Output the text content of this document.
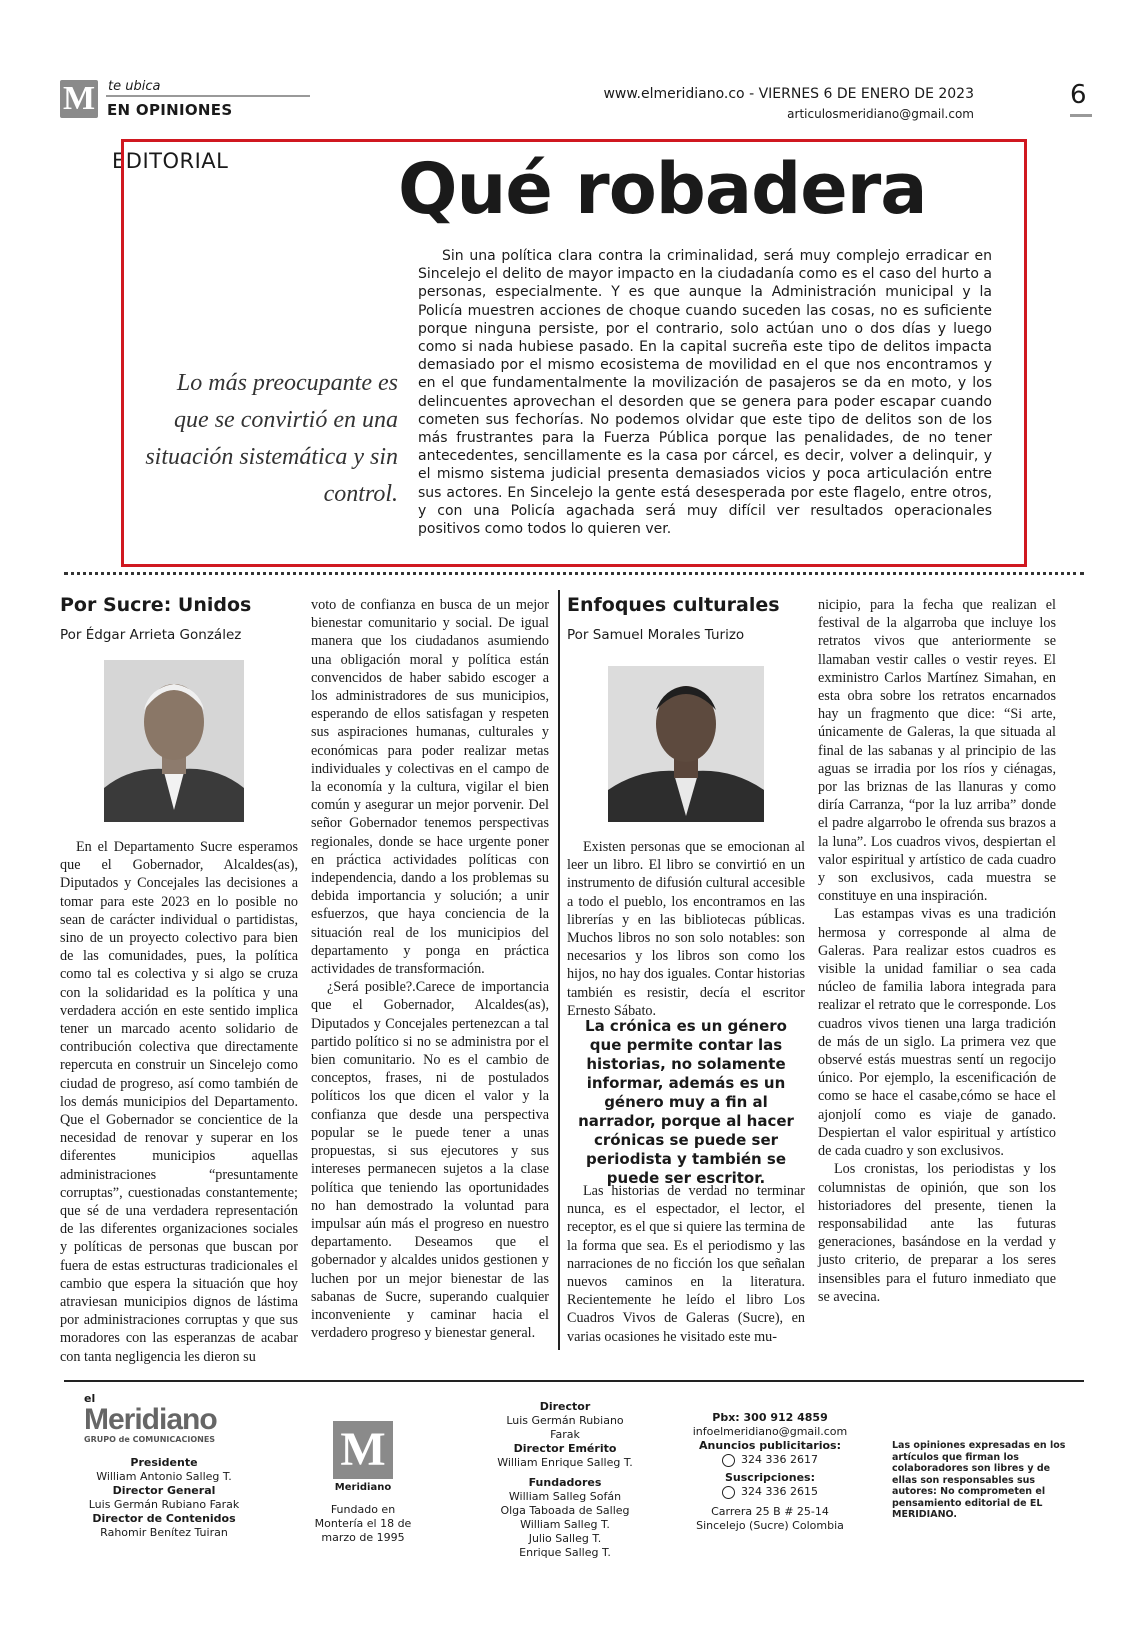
M te ubica
EN OPINIONES
www.elmeridiano.co - VIERNES 6 DE ENERO DE 2023
articulosmeridiano@gmail.com
6
EDITORIAL Qué robadera
Lo más preocupante es que se convirtió en una situación sistemática y sin control.
Sin una política clara contra la criminalidad, será muy complejo erradicar en Sincelejo el delito de mayor impacto en la ciudadanía como es el caso del hurto a personas, especialmente. Y es que aunque la Administración municipal y la Policía muestren acciones de choque cuando suceden las cosas, no es suficiente porque ninguna persiste, por el contrario, solo actúan uno o dos días y luego como si nada hubiese pasado. En la capital sucreña este tipo de delitos impacta demasiado por el mismo ecosistema de movilidad en el que nos encontramos y en el que fundamentalmente la movilización de pasajeros se da en moto, y los delincuentes aprovechan el desorden que se genera para poder escapar cuando cometen sus fechorías. No podemos olvidar que este tipo de delitos son de los más frustrantes para la Fuerza Pública porque las penalidades, de no tener antecedentes, sencillamente es la casa por cárcel, es decir, volver a delinquir, y el mismo sistema judicial presenta demasiados vicios y poca articulación entre sus actores. En Sincelejo la gente está desesperada por este flagelo, entre otros, y con una Policía agachada será muy difícil ver resultados operacionales positivos como todos lo quieren ver.
Por Sucre: Unidos
Por Édgar Arrieta González

En el Departamento Sucre esperamos que el Gobernador, Alcaldes(as), Diputados y Concejales las decisiones a tomar para este 2023 en lo posible no sean de carácter individual o partidistas, sino de un proyecto colectivo para bien de las comunidades, pues, la política como tal es colectiva y si algo se cruza con la solidaridad es la política y una verdadera acción en este sentido implica tener un marcado acento solidario de contribución colectiva que directamente repercuta en construir un Sincelejo como ciudad de progreso, así como también de los demás municipios del Departamento. Que el Gobernador se concientice de la necesidad de renovar y superar en los diferentes municipios aquellas administraciones “presuntamente corruptas”, cuestionadas constantemente; que sé de una verdadera representación de las diferentes organizaciones sociales y políticas de personas que buscan por fuera de estas estructuras tradicionales el cambio que espera la situación que hoy atraviesan municipios dignos de lástima por administraciones corruptas y que sus moradores con las esperanzas de acabar con tanta negligencia les dieron su

voto de confianza en busca de un mejor bienestar comunitario y social. De igual manera que los ciudadanos asumiendo una obligación moral y política están convencidos de haber sabido escoger a los administradores de sus municipios, esperando de ellos satisfagan y respeten sus aspiraciones humanas, culturales y económicas para poder realizar metas individuales y colectivas en el campo de la economía y la cultura, vigilar el bien común y asegurar un mejor porvenir. Del señor Gobernador tenemos perspectivas regionales, donde se hace urgente poner en práctica actividades políticas con independencia, dando a los problemas su debida importancia y solución; a unir esfuerzos, que haya conciencia de la situación real de los municipios del departamento y ponga en práctica actividades de transformación.

¿Será posible?.Carece de importancia que el Gobernador, Alcaldes(as), Diputados y Concejales pertenezcan a tal partido político si no se administra por el bien comunitario. No es el cambio de conceptos, frases, ni de postulados políticos los que dicen el valor y la confianza que desde una perspectiva popular se le puede tener a unas propuestas, si sus ejecutores y sus intereses permanecen sujetos a la clase política que teniendo las oportunidades no han demostrado la voluntad para impulsar aún más el progreso en nuestro departamento. Deseamos que el gobernador y alcaldes unidos gestionen y luchen por un mejor bienestar de las sabanas de Sucre, superando cualquier inconveniente y caminar hacia el verdadero progreso y bienestar general.

Enfoques culturales
Por Samuel Morales Turizo

Existen personas que se emocionan al leer un libro. El libro se convirtió en un instrumento de difusión cultural accesible a todo el pueblo, los encontramos en las librerías y en las bibliotecas públicas. Muchos libros no son solo notables: son necesarios y los libros son como los hijos, no hay dos iguales. Contar historias también es resistir, decía el escritor Ernesto Sábato.

La crónica es un género que permite contar las historias, no solamente informar, además es un género muy a fin al narrador, porque al hacer crónicas se puede ser periodista y también se puede ser escritor.

Las historias de verdad no terminar nunca, es el espectador, el lector, el receptor, es el que si quiere las termina de la forma que sea. Es el periodismo y las narraciones de no ficción los que señalan nuevos caminos en la literatura. Recientemente he leído el libro Los Cuadros Vivos de Galeras (Sucre), en varias ocasiones he visitado este mu-

nicipio, para la fecha que realizan el festival de la algarroba que incluye los retratos vivos que anteriormente se llamaban vestir calles o vestir reyes. El exministro Carlos Martínez Simahan, en esta obra sobre los retratos encarnados hay un fragmento que dice: “Si arte, únicamente de Galeras, la que situada al final de las sabanas y al principio de las aguas se irradia por los ríos y ciénagas, por las briznas de las llanuras y como diría Carranza, “por la luz arriba” donde el padre algarrobo le ofrenda sus brazos a la luna”. Los cuadros vivos, despiertan el valor espiritual y artístico de cada cuadro y son exclusivos, cada muestra se constituye en una inspiración.

Las estampas vivas es una tradición hermosa y corresponde al alma de Galeras. Para realizar estos cuadros es visible la unidad familiar o sea cada núcleo de familia labora integrada para realizar el retrato que le corresponde. Los cuadros vivos tienen una larga tradición de más de un siglo. La primera vez que observé estás muestras sentí un regocijo único. Por ejemplo, la escenificación de como se hace el casabe,cómo se hace el ajonjolí como es viaje de ganado. Despiertan el valor espiritual y artístico de cada cuadro y son exclusivos.

Los cronistas, los periodistas y los columnistas de opinión, que son los historiadores del presente, tienen la responsabilidad ante las futuras generaciones, basándose en la verdad y justo criterio, de preparar a los seres insensibles para el futuro inmediato que se avecina.

el
Meridiano
GRUPO de COMUNICACIONES
Presidente
William Antonio Salleg T.
Director General
Luis Germán Rubiano Farak
Director de Contenidos
Rahomir Benítez Tuiran
M
Meridiano
Fundado en Montería el 18 de marzo de 1995
Director
Luis Germán Rubiano Farak
Director Emérito
William Enrique Salleg T.
Fundadores
William Salleg Sofán
Olga Taboada de Salleg
William Salleg T.
Julio Salleg T.
Enrique Salleg T.
Pbx: 300 912 4859
infoelmeridiano@gmail.com
Anuncios publicitarios:
324 336 2617
Suscripciones:
324 336 2615
Carrera 25 B # 25-14
Sincelejo (Sucre) Colombia
Las opiniones expresadas en los artículos que firman los colaboradores son libres y de ellas son responsables sus autores: No comprometen el pensamiento editorial de EL MERIDIANO.
